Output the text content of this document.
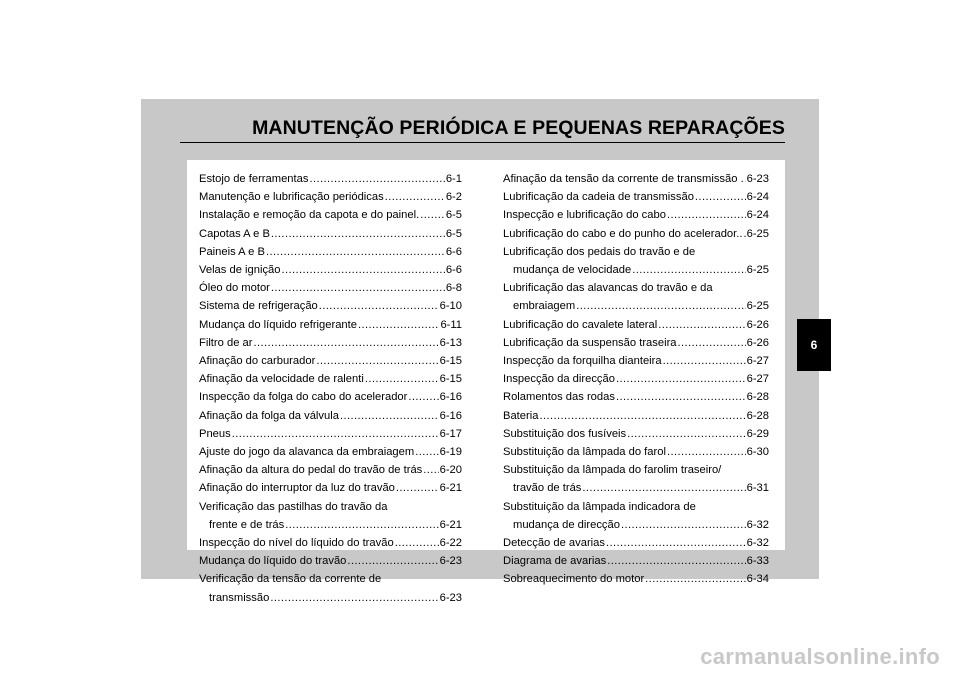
MANUTENÇÃO PERIÓDICA E PEQUENAS REPARAÇÕES
Estojo de ferramentas .....	6-1
Manutenção e lubrificação periódicas .....	6-2
Instalação e remoção da capota e do painel. ..... 6-5
Capotas A e B .....	6-5
Paineis A e B .....	6-6
Velas de ignição .....	6-6
Óleo do motor .....	6-8
Sistema de refrigeração .....	6-10
Mudança do líquido refrigerante .....	6-11
Filtro de ar .....	6-13
Afinação do carburador .....	6-15
Afinação da velocidade de ralenti .....	6-15
Inspecção da folga do cabo do acelerador .....	6-16
Afinação da folga da válvula .....	6-16
Pneus .....	6-17
Ajuste do jogo da alavanca da embraiagem ..... 6-19
Afinação da altura do pedal do travão de trás ..... 6-20
Afinação do interruptor da luz do travão .....	6-21
Verificação das pastilhas do travão da
frente e de trás .....	6-21
Inspecção do nível do líquido do travão .....	6-22
Mudança do líquido do travão .....	6-23
Verificação da tensão da corrente de
transmissão .....	6-23
Afinação da tensão da corrente de transmissão . ..... 6-23
Lubrificação da cadeia de transmissão .....	6-24
Inspecção e lubrificação do cabo .....	6-24
Lubrificação do cabo e do punho do acelerador.. ..... 6-25
Lubrificação dos pedais do travão e de
mudança de velocidade .....	6-25
Lubrificação das alavancas do travão e da
embraiagem .....	6-25
Lubrificação do cavalete lateral .....	6-26
Lubrificação da suspensão traseira .....	6-26
Inspecção da forquilha dianteira .....	6-27
Inspecção da direcção .....	6-27
Rolamentos das rodas .....	6-28
Bateria .....	6-28
Substituição dos fusíveis .....	6-29
Substituição da lâmpada do farol .....	6-30
Substituição da lâmpada do farolim traseiro/
travão de trás .....	6-31
Substituição da lâmpada indicadora de
mudança de direcção .....	6-32
Detecção de avarias .....	6-32
Diagrama de avarias .....	6-33
Sobreaquecimento do motor .....	6-34
6
carmanualsonline.info
